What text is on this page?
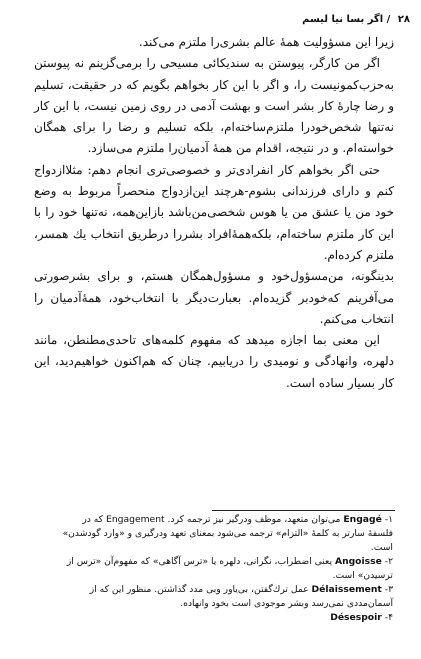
۲۸ / اگر بسا نیا لیسم

زیرا این مسؤولیت همهٔ عالم بشری‌را ملتزم می‌کند.

اگر من کارگر، پیوستن به سندیکائی مسیحی را برمی‌گزینم نه پیوستن به‌حزب‌کمونیست را، و اگر با این کار بخواهم بگویم که در حقیقت، تسلیم و رضا چارهٔ کار بشر است و بهشت آدمی در روی زمین نیست، با این کار نه‌تنها شخص‌خود‌را ملتزم‌ساخته‌ام، بلکه تسلیم و رضا را برای همگان خواسته‌ام. و در نتیجه، اقدام من همهٔ آدمیان‌را ملتزم می‌سازد.

حتی اگر بخواهم کار انفرادی‌تر و خصوصی‌تری انجام دهم: مثلاازدواج کنم و دارای فرزندانی بشوم-هرچند این‌ازدواج منحصراً مربوط به وضع خود من یا عشق من یا هوس شخصی‌من‌باشد باز‌این‌همه، نه‌تنها خود را با این کار ملتزم ساخته‌ام، بلکه‌همهٔ‌افراد بشر‌را در‌طریق انتخاب یك همسر، ملتزم کرده‌ام.

بدینگونه، من‌مسؤول‌خود و مسؤول‌همگان هستم، و برای بشر‌صورتی می‌آفرینم که‌خود‌بر گزیده‌ام. بعبارت‌دیگر با انتخاب‌خود، همهٔ‌آدمیان را انتخاب می‌کنم.

این معنی بما اجازه میدهد که مفهوم کلمه‌های تاحدی‌مطنطن، مانند دلهره، وانهادگی و نومیدی را دریابیم. چنان که هم‌اکنون خواهیم‌دید، این کار بسیار ساده است.

۱- Engagé می‌توان متعهد، موظف ودرگیر نیز ترجمه کرد. Engagement که در فلسفهٔ سارتر به کلمهٔ «التزام» ترجمه می‌شود بمعنای تعهد ودرگیری و «وارد گودشدن» است.

۲- Angoisse یعنی اضطراب، نگرانی، دلهره یا «ترس آگاهی» که مفهوم‌آن «ترس از ترسیدن» است.

۳- Délaissement عمل ترك‌گفتن، بی‌یاور وبی مدد گذاشتن. منظور این که از آسمان‌مددی نمی‌رسد وبشر موجودی است بخود وانهاده.

۴- Désespoir
